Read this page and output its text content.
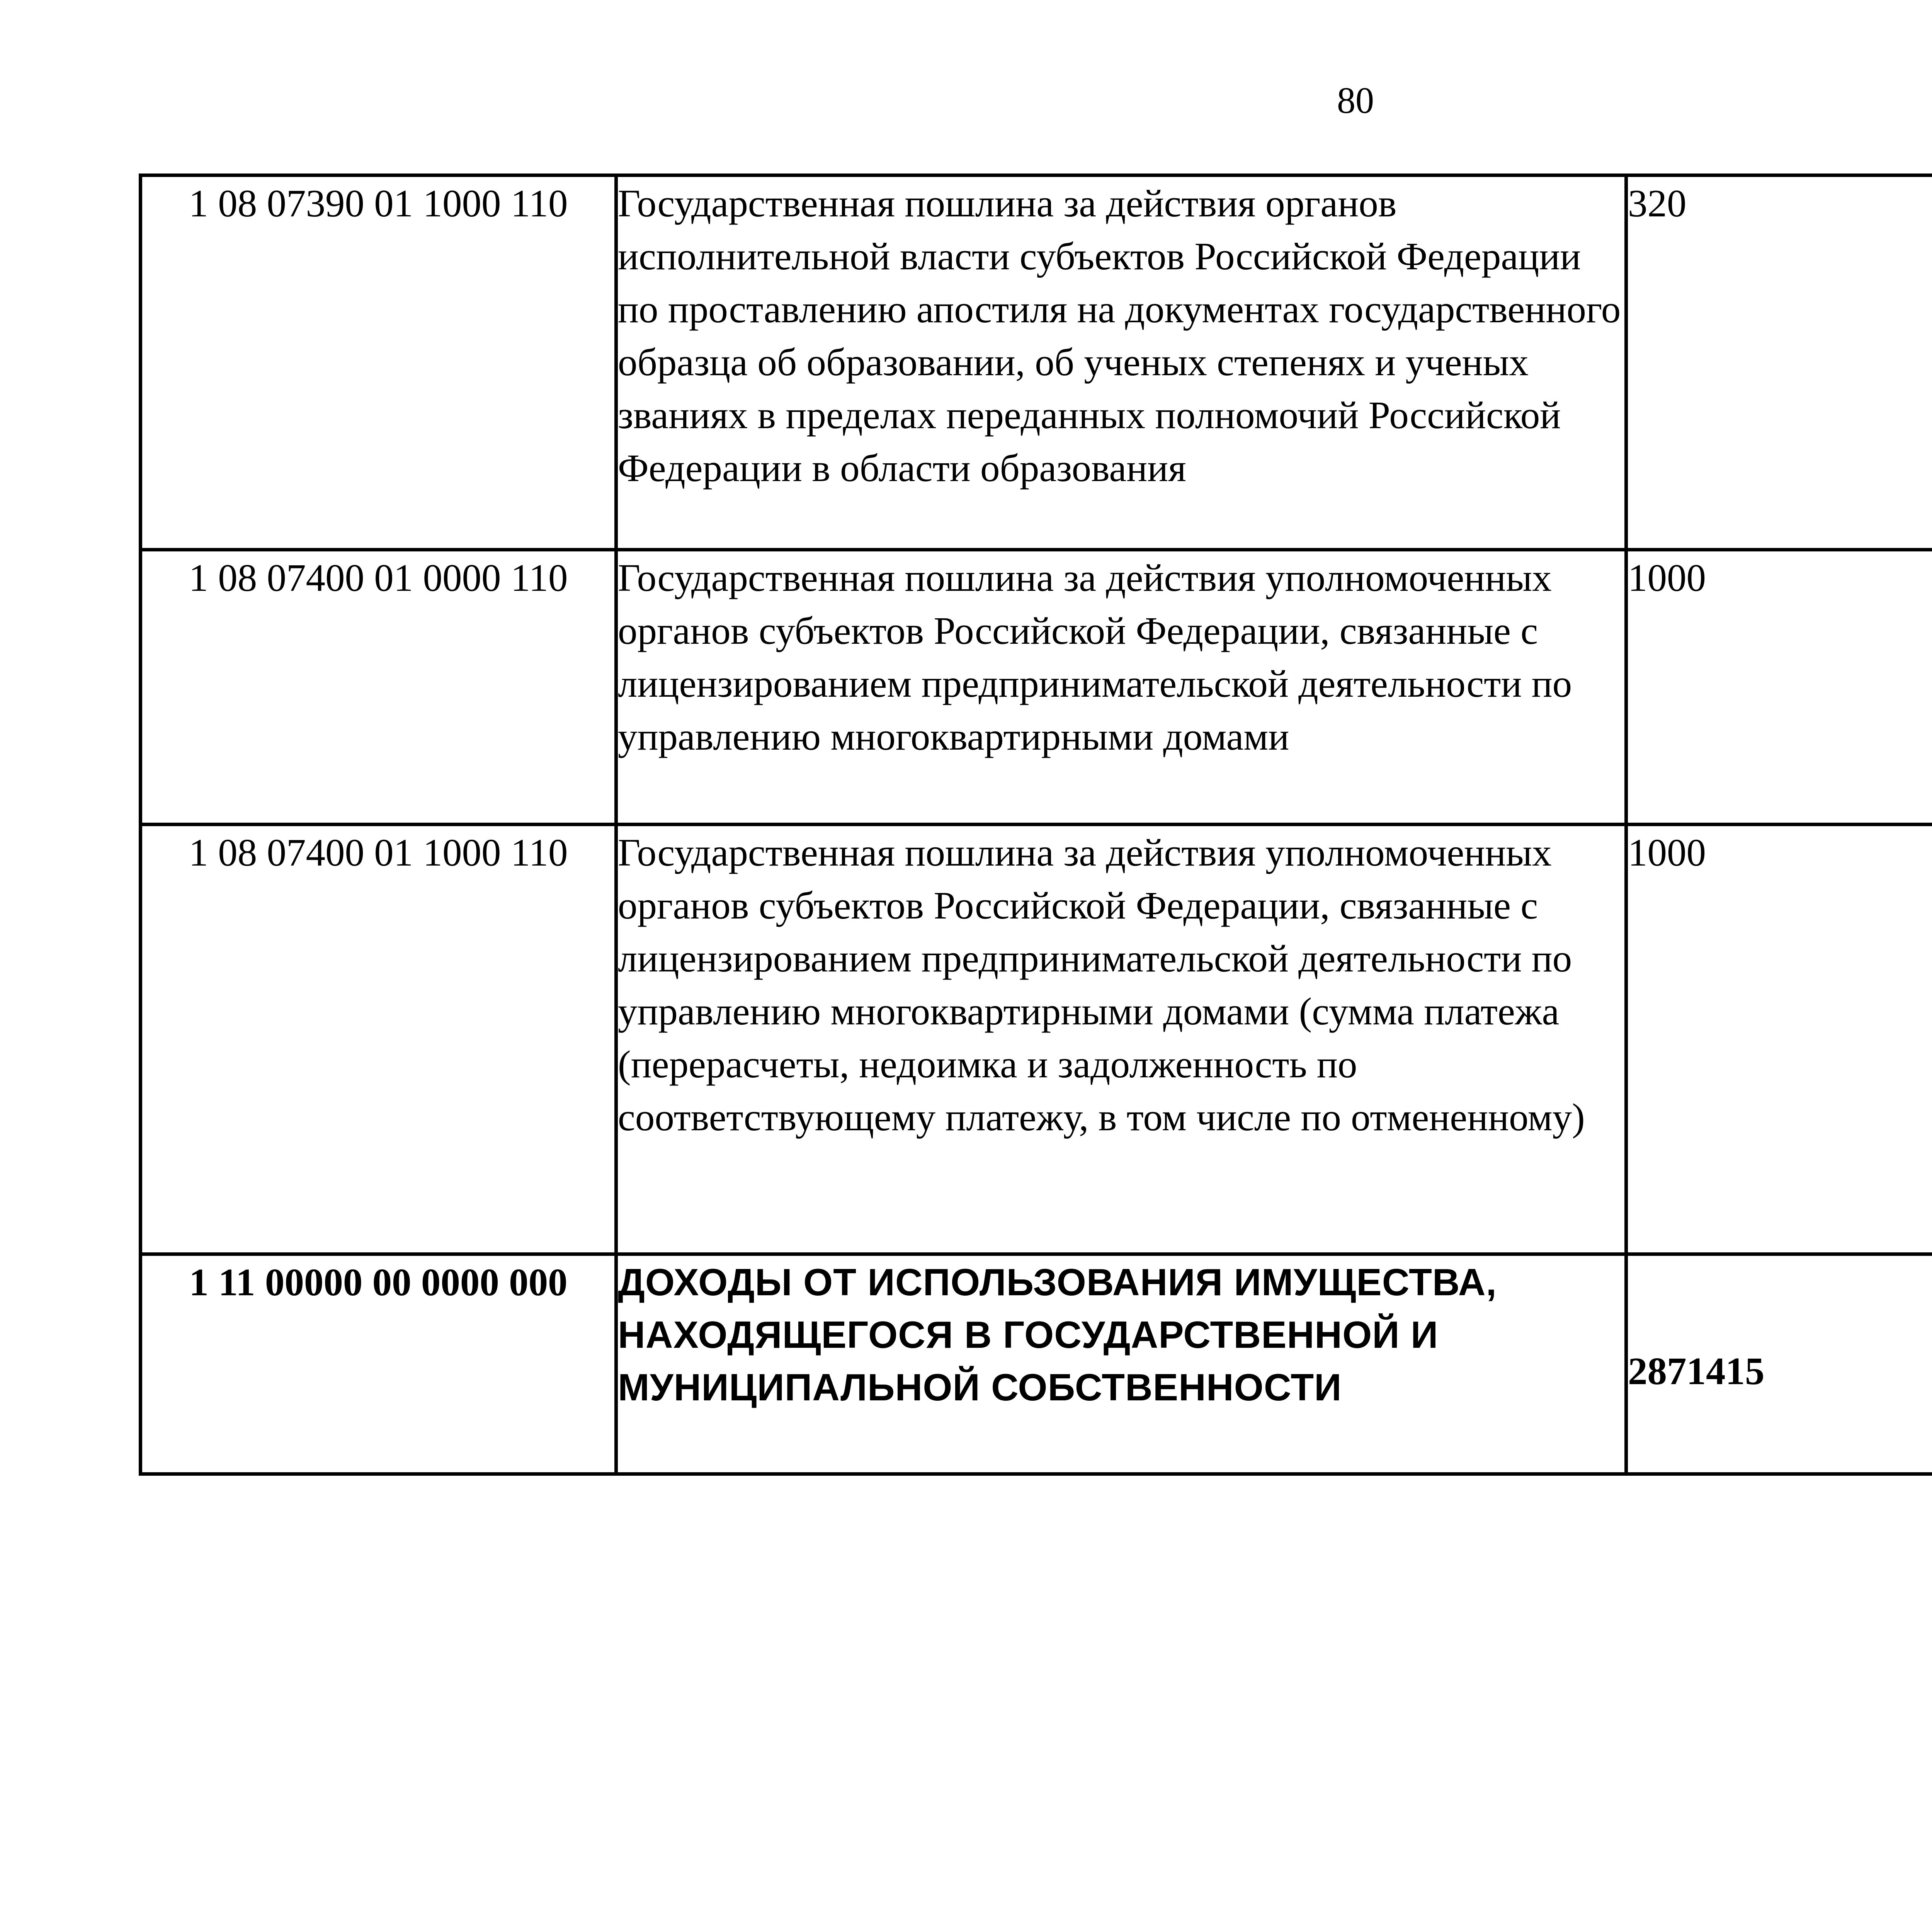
80
1 08 07390 01 1000 110	Государственная пошлина за действия органов исполнительной власти субъектов Российской Федерации по проставлению апостиля на документах государственного образца об образовании, об ученых степенях и ученых званиях в пределах переданных полномочий Российской Федерации в области образования	320		
1 08 07400 01 0000 110	Государственная пошлина за действия уполномоченных органов субъектов Российской Федерации, связанные с лицензированием предпринимательской деятельности по управлению многоквартирными домами	1000		
1 08 07400 01 1000 110	Государственная пошлина за действия уполномоченных органов субъектов Российской Федерации, связанные с лицензированием предпринимательской деятельности по управлению многоквартирными домами (сумма платежа (перерасчеты, недоимка и задолженность по соответствующему платежу, в том числе по отмененному)	1000		
1 11 00000 00 0000 000	ДОХОДЫ ОТ ИСПОЛЬЗОВАНИЯ ИМУЩЕСТВА, НАХОДЯЩЕГОСЯ В ГОСУДАРСТВЕННОЙ И МУНИЦИПАЛЬНОЙ СОБСТВЕННОСТИ	2871415		
